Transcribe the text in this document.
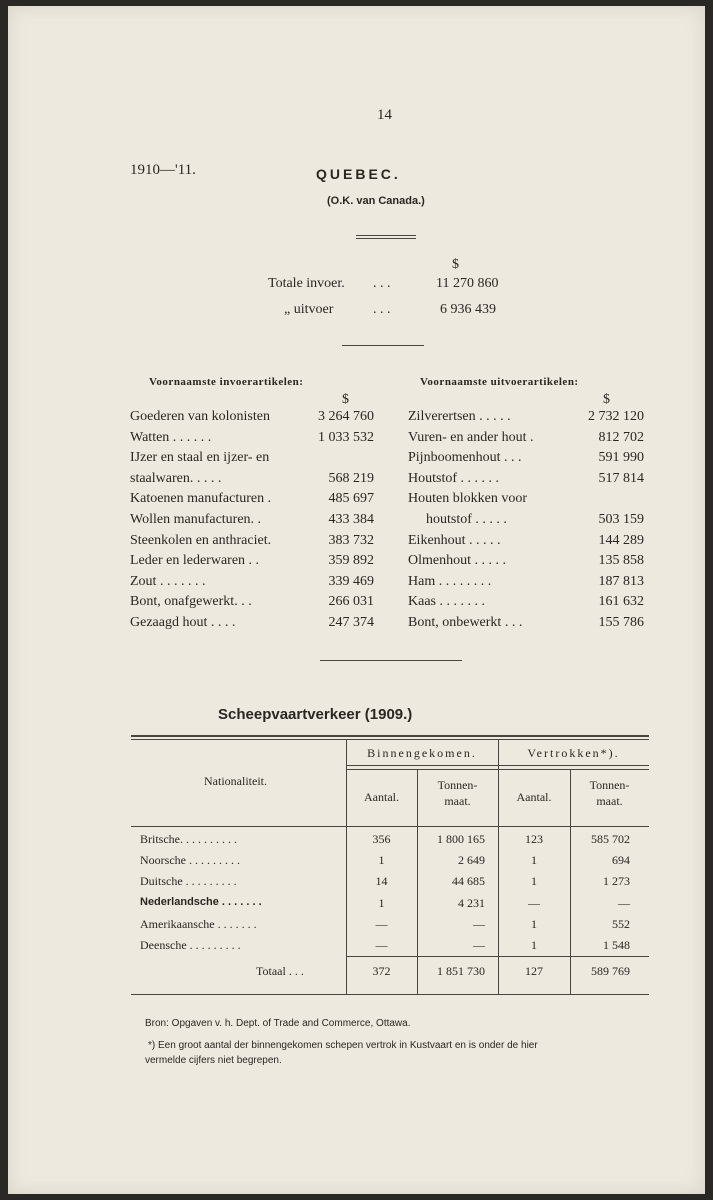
14
1910—'11.	QUEBEC.
(O.K. van Canada.)
$
Totale invoer. . . .	11 270 860
„ uitvoer	. . .	6 936 439
Voornaamste invoerartikelen:
$
Goederen van kolonisten	3 264 760
Watten . . . . . .	1 033 532
IJzer en staal en ijzer- en
staalwaren. . . . .	568 219
Katoenen manufacturen .	485 697
Wollen manufacturen. .	433 384
Steenkolen en anthraciet.	383 732
Leder en lederwaren . .	359 892
Zout . . . . . . .	339 469
Bont, onafgewerkt. . .	266 031
Gezaagd hout . . . .	247 374
Voornaamste uitvoerartikelen:
$
Zilverertsen . . . . .	2 732 120
Vuren- en ander hout .	812 702
Pijnboomenhout . . .	591 990
Houtstof . . . . . .	517 814
Houten blokken voor
houtstof . . . . .	503 159
Eikenhout . . . . .	144 289
Olmenhout . . . . .	135 858
Ham . . . . . . . .	187 813
Kaas . . . . . . .	161 632
Bont, onbewerkt . . .	155 786
Scheepvaartverkeer (1909.)
Nationaliteit.
Binnengekomen.	Vertrokken*).
Aantal.
Tonnen-
maat.	Aantal.
Tonnen-
maat.
Britsche. . . . . . . . . .	356	1 800 165	123	585 702
Noorsche . . . . . . . . .	1	2 649	1	694
Duitsche . . . . . . . . .	14	44 685	1	1 273
Nederlandsche . . . . . . .	1	4 231	—	—
Amerikaansche . . . . . . .	—	—	1	552
Deensche . . . . . . . . .	—	—	1	1 548
Totaal . . .	372	1 851 730	127	589 769
Bron: Opgaven v. h. Dept. of Trade and Commerce, Ottawa.
*) Een groot aantal der binnengekomen schepen vertrok in Kustvaart en is onder de hier
vermelde cijfers niet begrepen.
